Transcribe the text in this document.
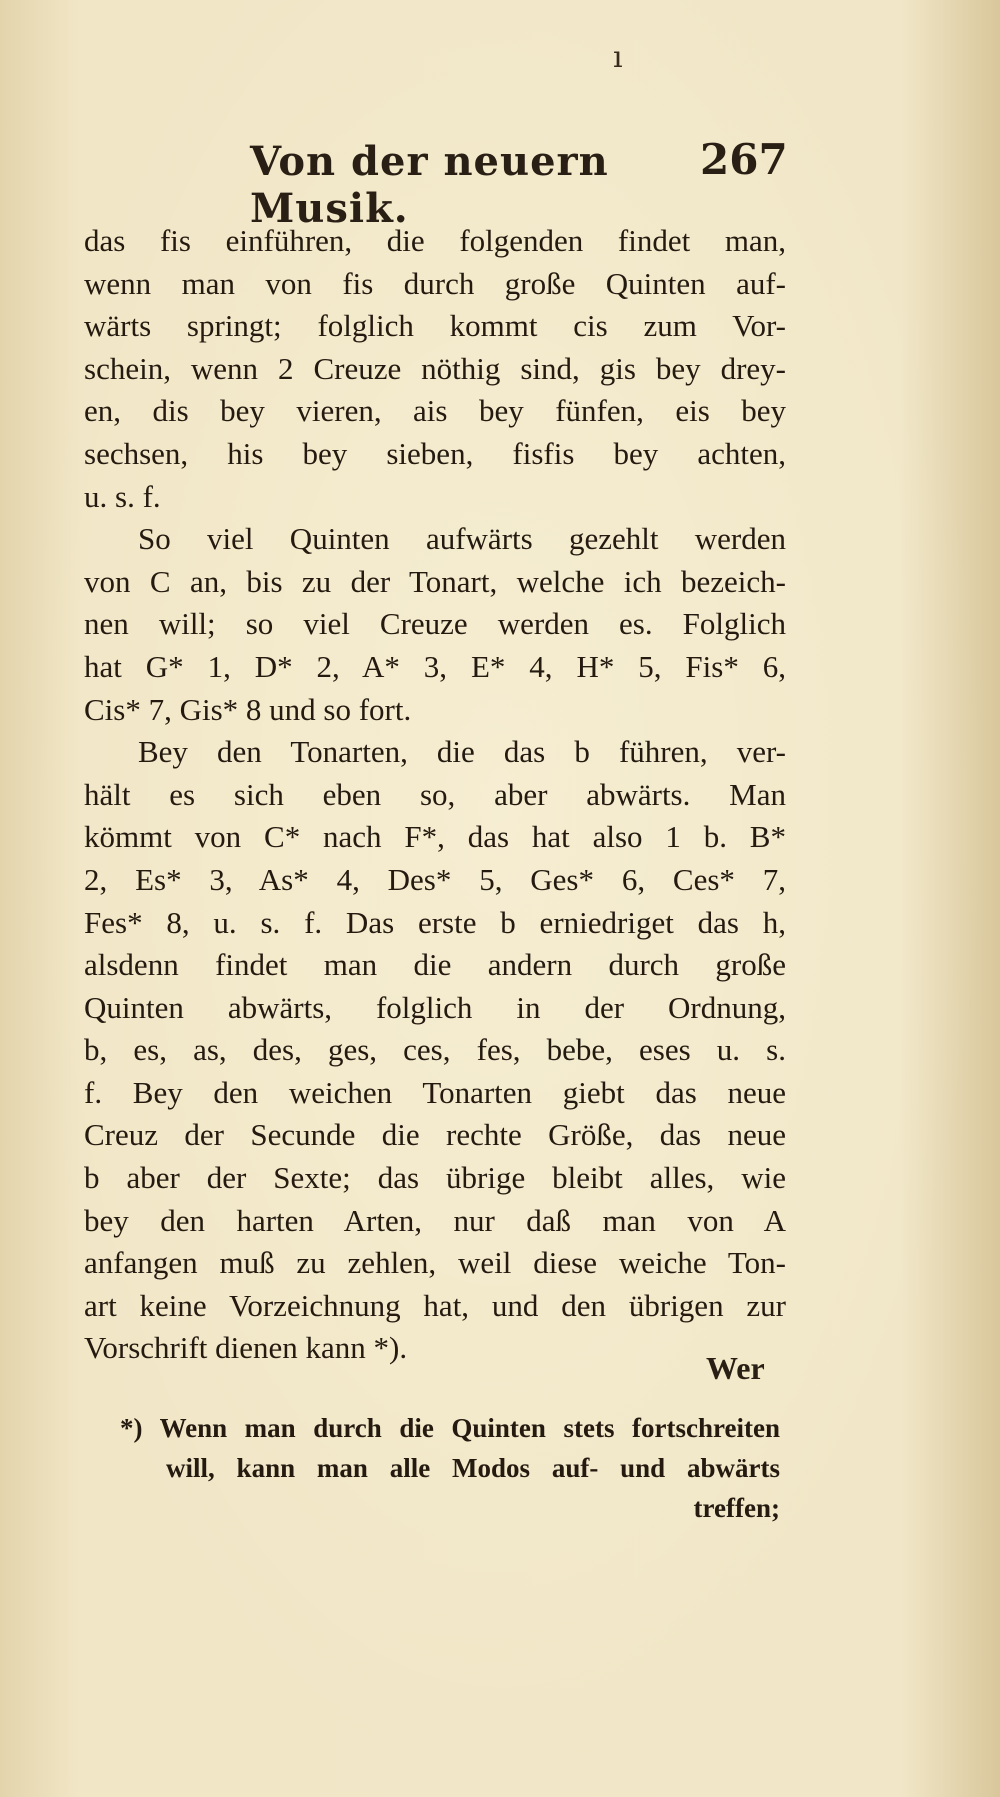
ı
Von der neuern Musik.
267
das fis einführen, die folgenden findet man,
wenn man von fis durch große Quinten auf-
wärts springt; folglich kommt cis zum Vor-
schein, wenn 2 Creuze nöthig sind, gis bey drey-
en, dis bey vieren, ais bey fünfen, eis bey
sechsen, his bey sieben, fisfis bey achten,
u. s. f.
So viel Quinten aufwärts gezehlt werden
von C an, bis zu der Tonart, welche ich bezeich-
nen will; so viel Creuze werden es. Folglich
hat G* 1, D* 2, A* 3, E* 4, H* 5, Fis* 6,
Cis* 7, Gis* 8 und so fort.
Bey den Tonarten, die das b führen, ver-
hält es sich eben so, aber abwärts. Man
kömmt von C* nach F*, das hat also 1 b. B*
2, Es* 3, As* 4, Des* 5, Ges* 6, Ces* 7,
Fes* 8, u. s. f. Das erste b erniedriget das h,
alsdenn findet man die andern durch große
Quinten abwärts, folglich in der Ordnung,
b, es, as, des, ges, ces, fes, bebe, eses u. s.
f. Bey den weichen Tonarten giebt das neue
Creuz der Secunde die rechte Größe, das neue
b aber der Sexte; das übrige bleibt alles, wie
bey den harten Arten, nur daß man von A
anfangen muß zu zehlen, weil diese weiche Ton-
art keine Vorzeichnung hat, und den übrigen zur
Vorschrift dienen kann *).
Wer
*) Wenn man durch die Quinten stets fortschreiten
will, kann man alle Modos auf- und abwärts
treffen;
